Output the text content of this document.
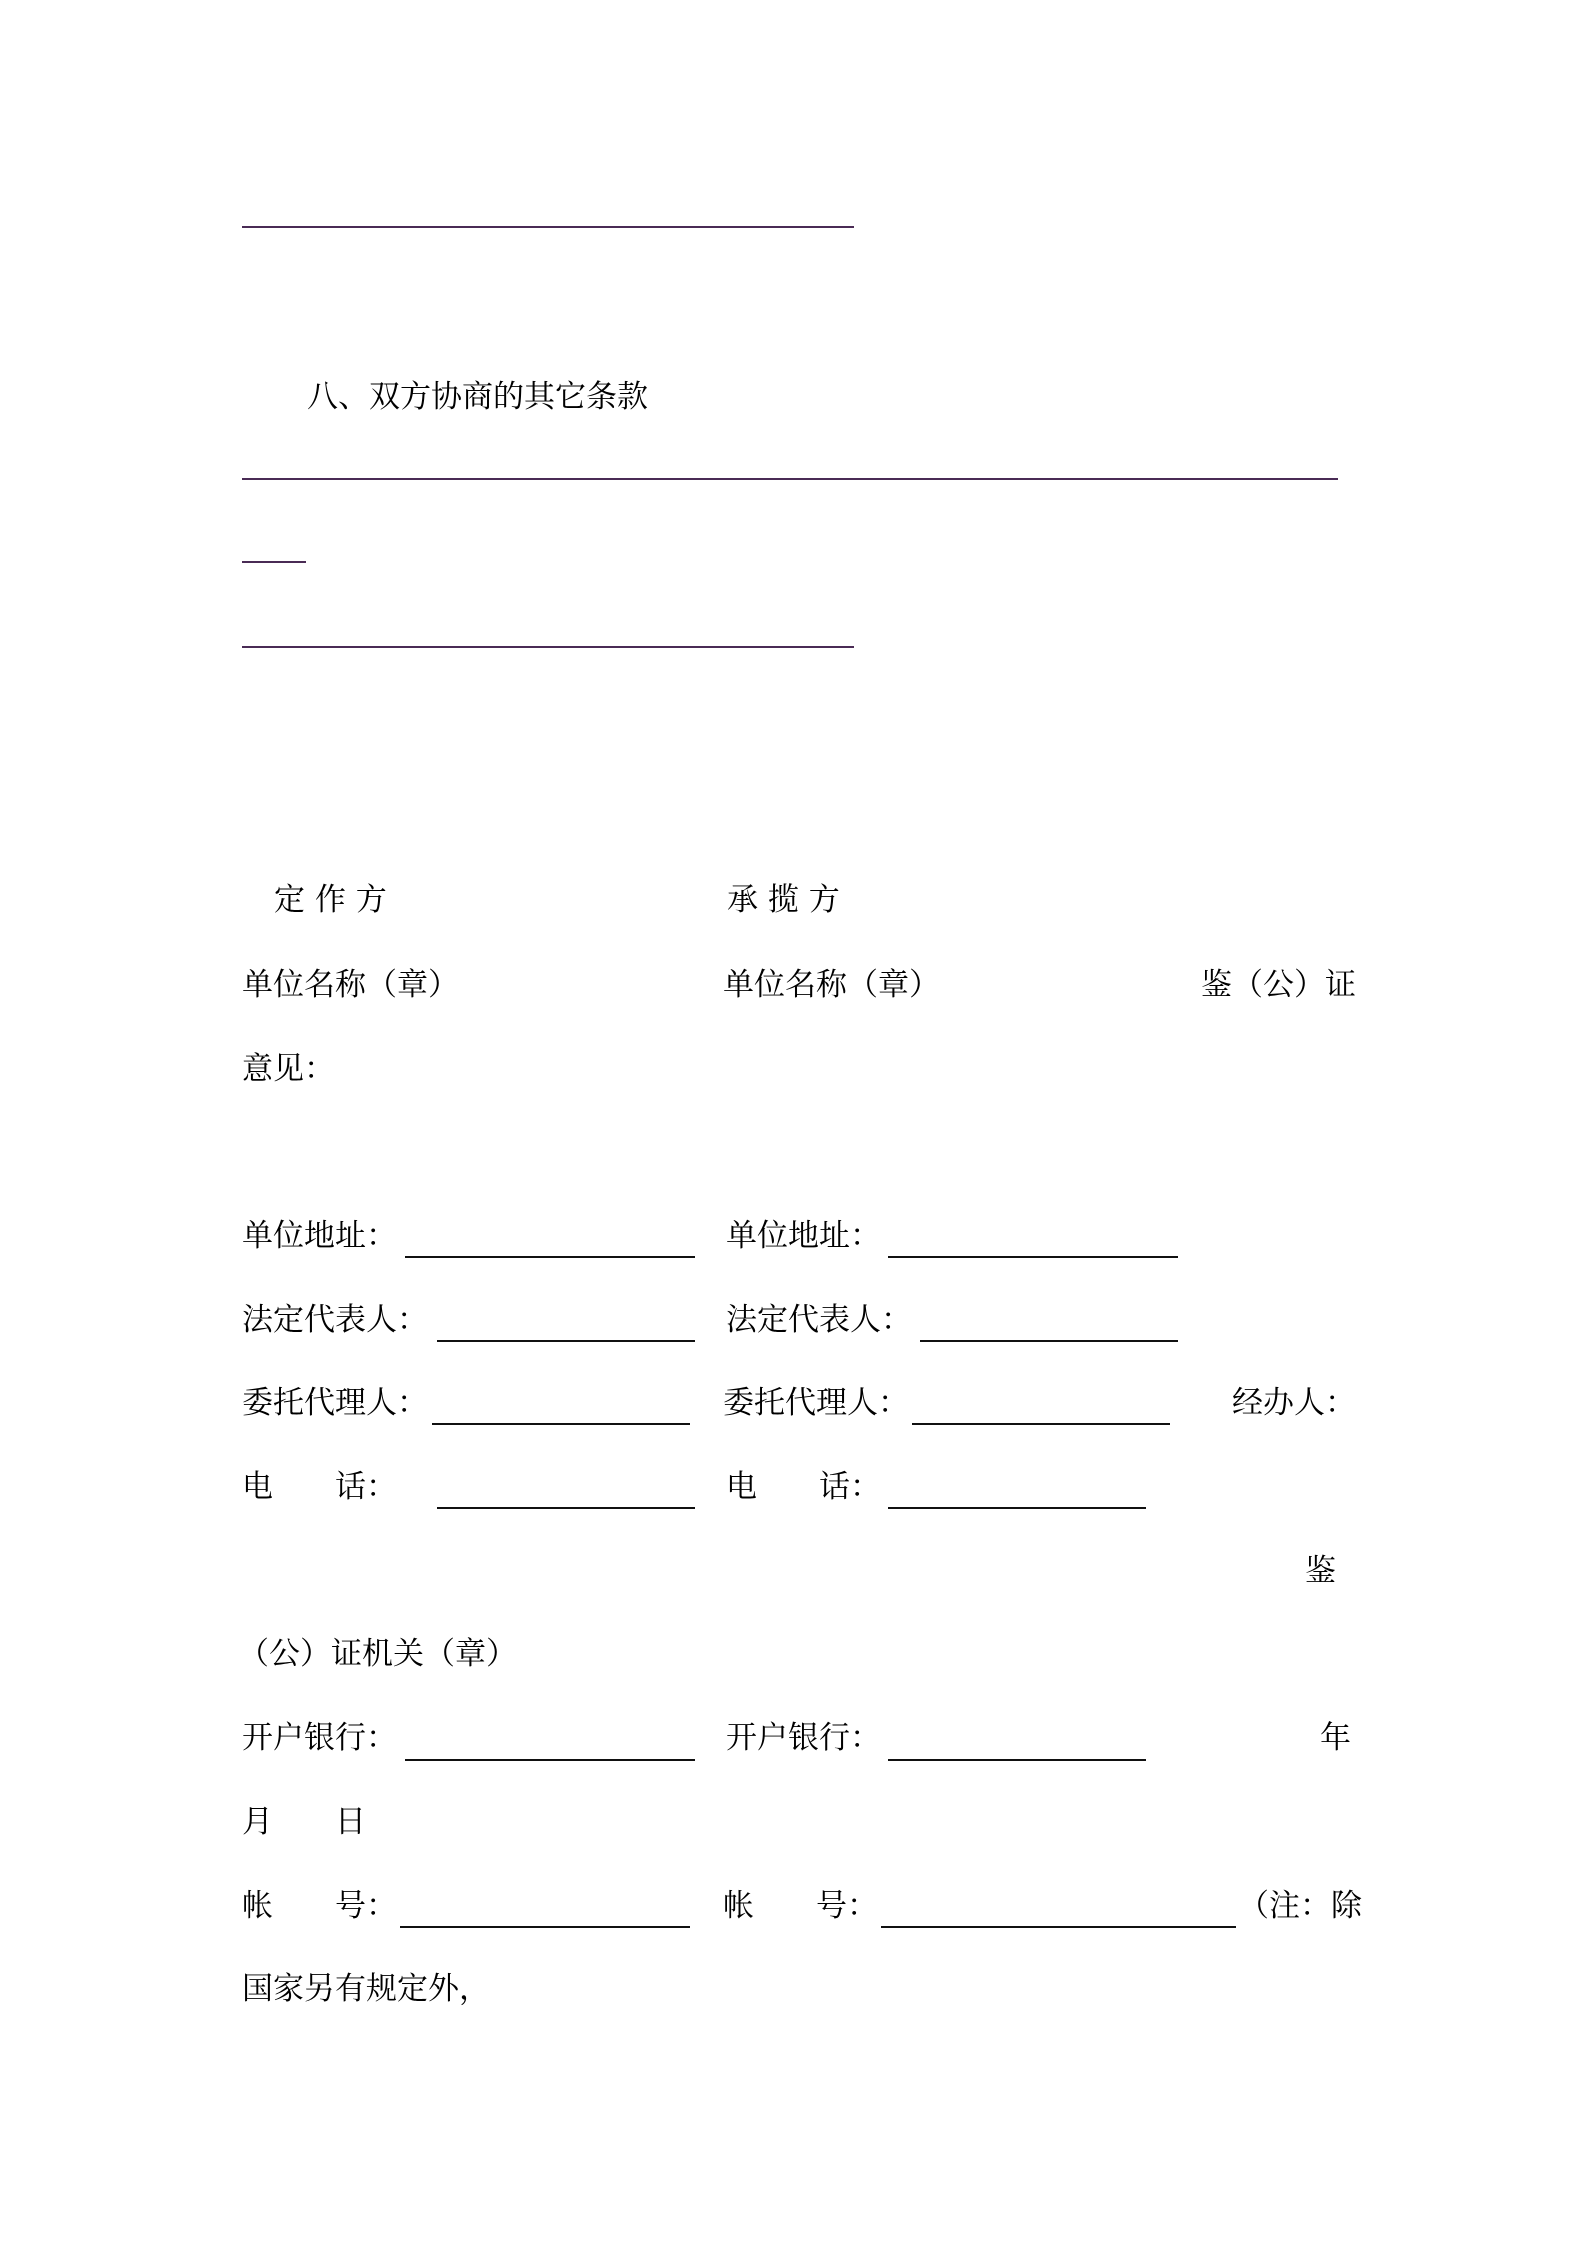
八、双方协商的其它条款
定 作 方	承 揽 方
单位名称（章）	单位名称（章）	鉴（公）证
意见：
单位地址：	单位地址：
法定代表人：	法定代表人：
委托代理人：	委托代理人：	经办人：
电　　话：	电　　话：
鉴
（公）证机关（章）
开户银行：	开户银行：	年
月　　日
帐　　号：	帐　　号：	（注：除
国家另有规定外，
